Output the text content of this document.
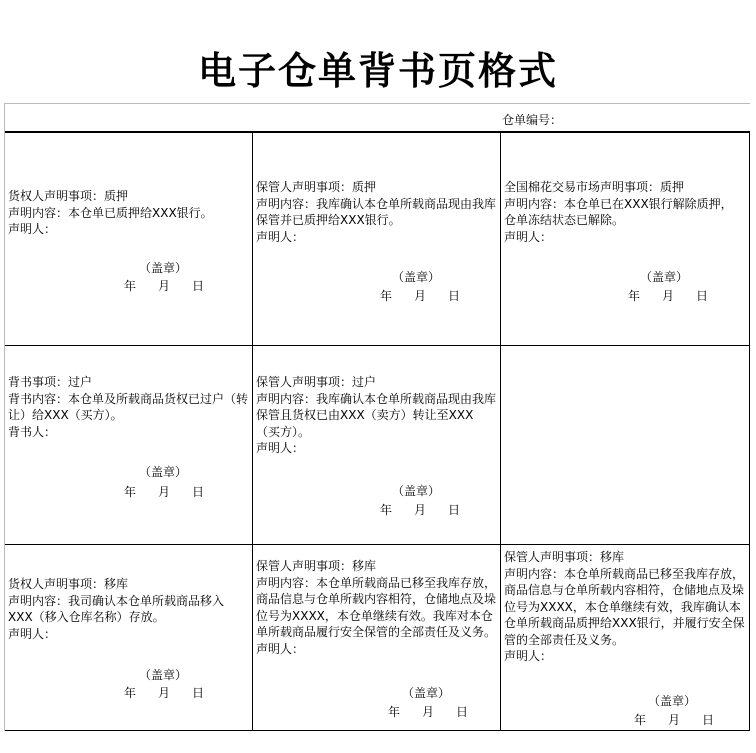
电子仓单背书页格式
仓单编号：

货权人声明事项：质押

声明内容：本仓单已质押给XXX银行。

声明人：

（盖章）
年 月 日

保管人声明事项：质押

声明内容：我库确认本仓单所载商品现由我库保管并已质押给XXX银行。

声明人：

（盖章）
年 月 日

全国棉花交易市场声明事项：质押

声明内容：本仓单已在XXX银行解除质押，仓单冻结状态已解除。

声明人：

（盖章）
年 月 日

背书事项：过户

背书内容：本仓单及所载商品货权已过户（转让）给XXX（买方）。

背书人：

（盖章）
年 月 日

保管人声明事项：过户

声明内容：我库确认本仓单所载商品现由我库保管且货权已由XXX（卖方）转让至XXX（买方）。

声明人：

（盖章）
年 月 日

货权人声明事项：移库

声明内容：我司确认本仓单所载商品移入XXX（移入仓库名称）存放。

声明人：

（盖章）
年 月 日

保管人声明事项：移库

声明内容：本仓单所载商品已移至我库存放，商品信息与仓单所载内容相符，仓储地点及垛位号为XXXX，本仓单继续有效。我库对本仓单所载商品履行安全保管的全部责任及义务。

声明人：

（盖章）
年 月 日

保管人声明事项：移库

声明内容：本仓单所载商品已移至我库存放，商品信息与仓单所载内容相符，仓储地点及垛位号为XXXX，本仓单继续有效，我库确认本仓单所载商品质押给XXX银行，并履行安全保管的全部责任及义务。

声明人：

（盖章）
年 月 日
